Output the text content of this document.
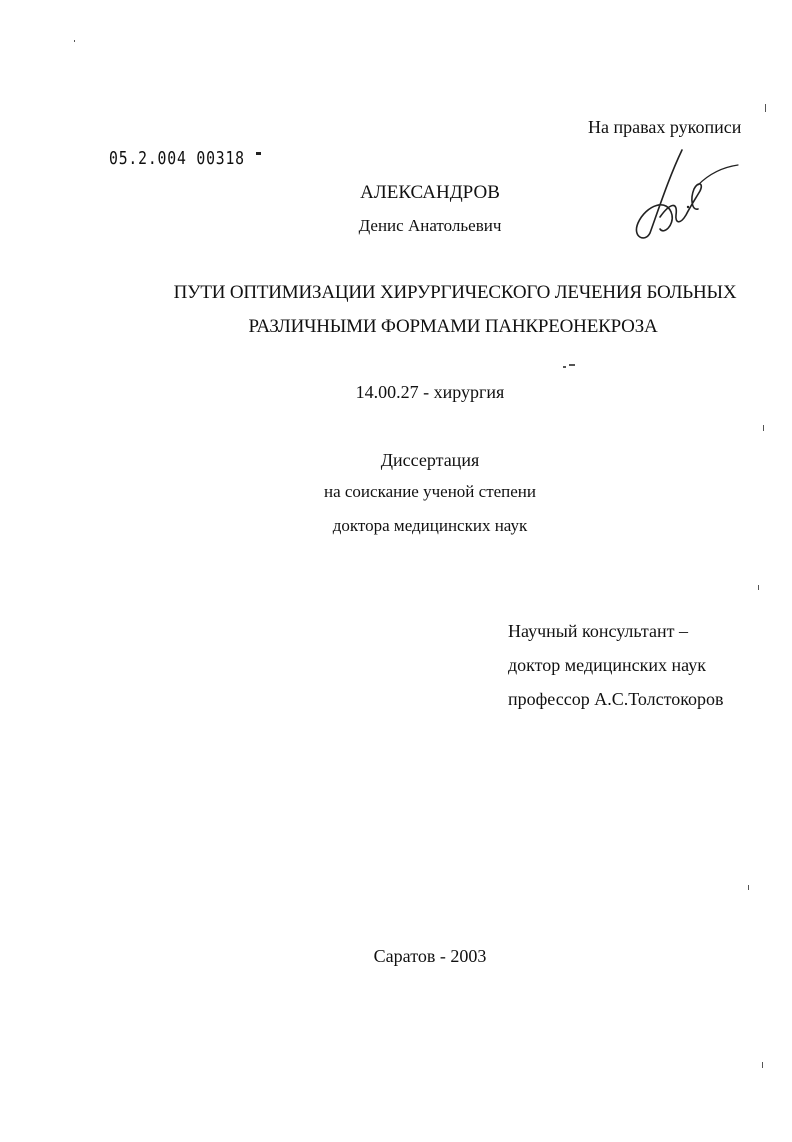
На правах рукописи
05.2.004 00318
АЛЕКСАНДРОВ
Денис Анатольевич
ПУТИ ОПТИМИЗАЦИИ ХИРУРГИЧЕСКОГО ЛЕЧЕНИЯ БОЛЬНЫХ
РАЗЛИЧНЫМИ ФОРМАМИ ПАНКРЕОНЕКРОЗА
14.00.27 - хирургия
Диссертация
на соискание ученой степени
доктора медицинских наук
Научный консультант –
доктор медицинских наук
профессор А.С.Толстокоров
Саратов - 2003
